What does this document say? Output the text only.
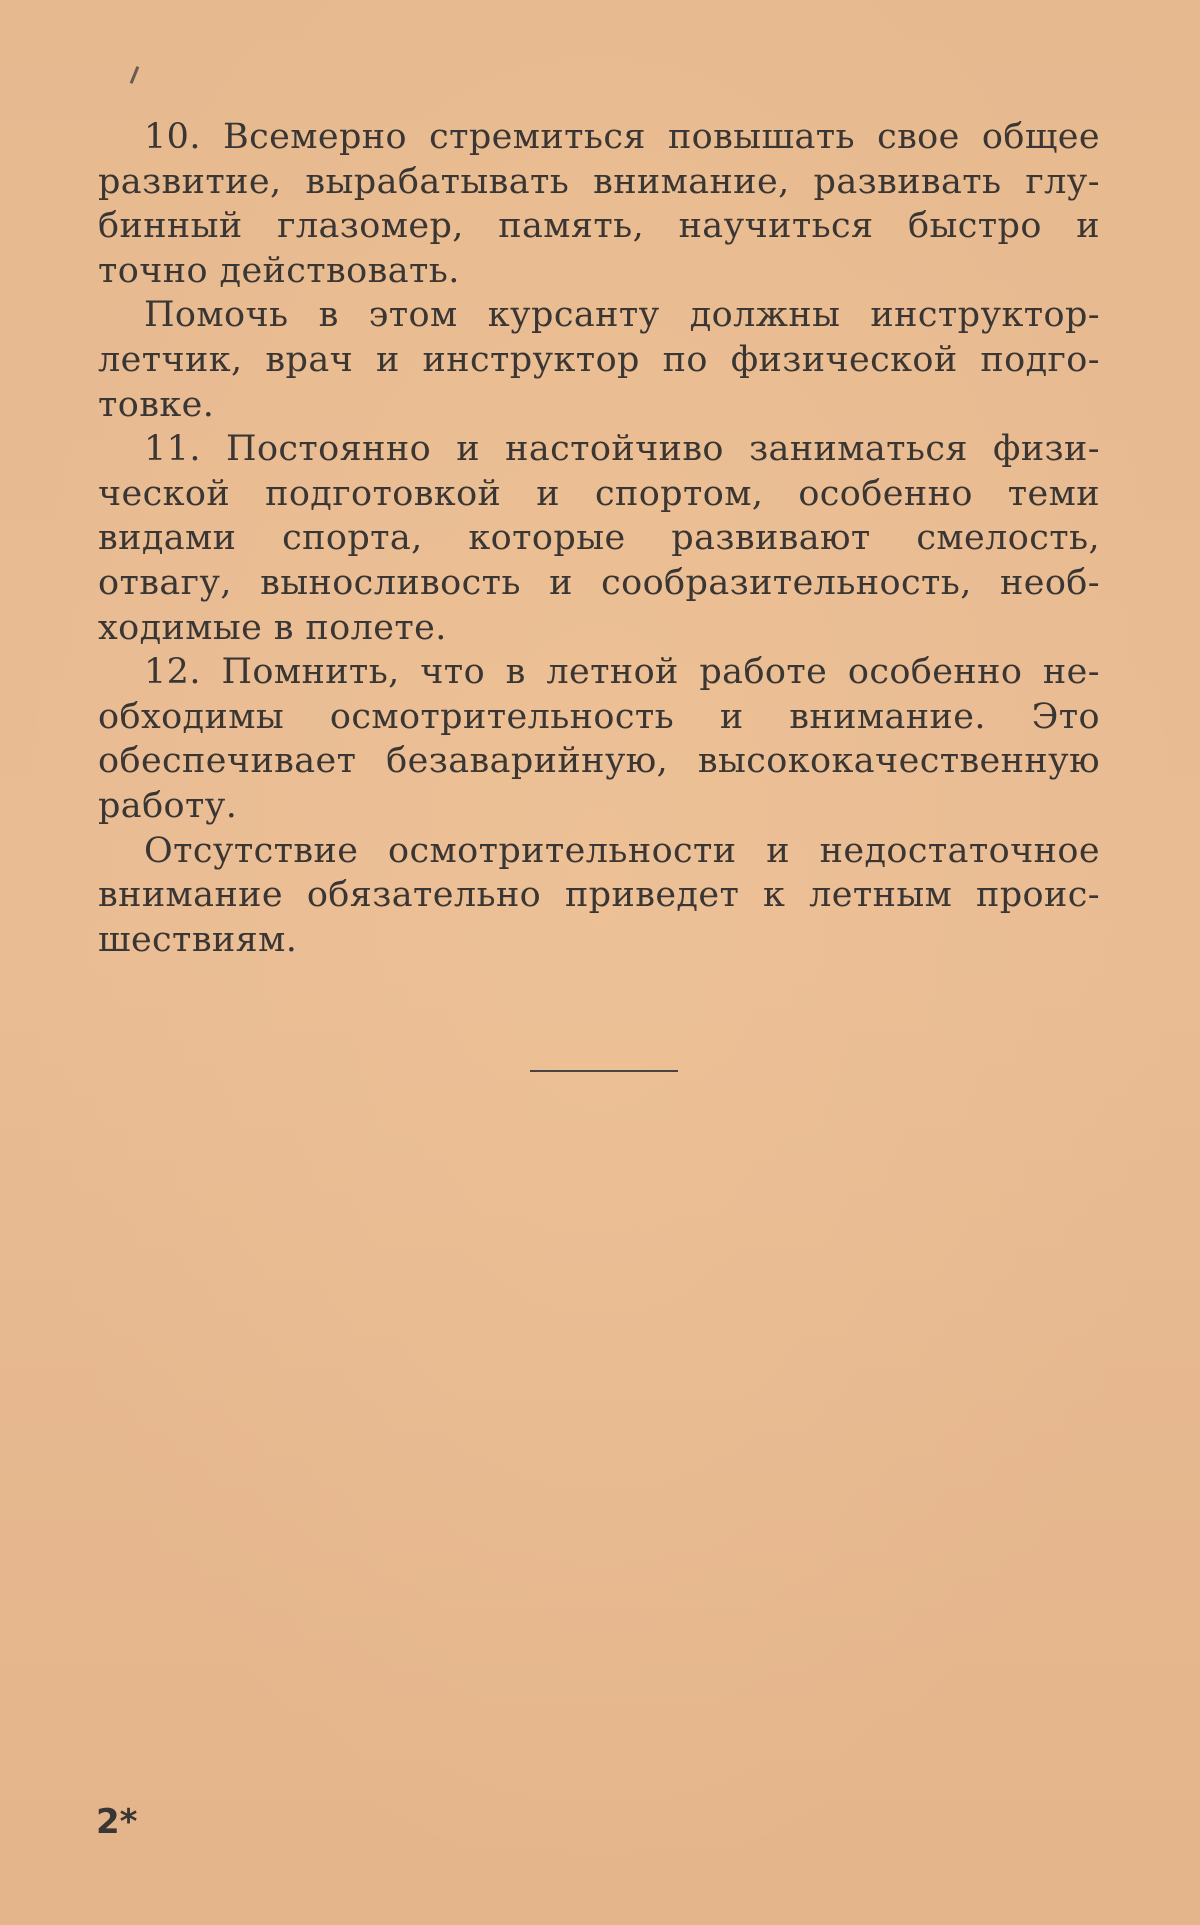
10. Всемерно стремиться повышать свое общее
развитие, вырабатывать внимание, развивать глу-
бинный глазомер, память, научиться быстро и
точно действовать.
Помочь в этом курсанту должны инструктор-
летчик, врач и инструктор по физической подго-
товке.
11. Постоянно и настойчиво заниматься физи-
ческой подготовкой и спортом, особенно теми
видами спорта, которые развивают смелость,
отвагу, выносливость и сообразительность, необ-
ходимые в полете.
12. Помнить, что в летной работе особенно не-
обходимы осмотрительность и внимание. Это
обеспечивает безаварийную, высококачественную
работу.
Отсутствие осмотрительности и недостаточное
внимание обязательно приведет к летным проис-
шествиям.
2*
